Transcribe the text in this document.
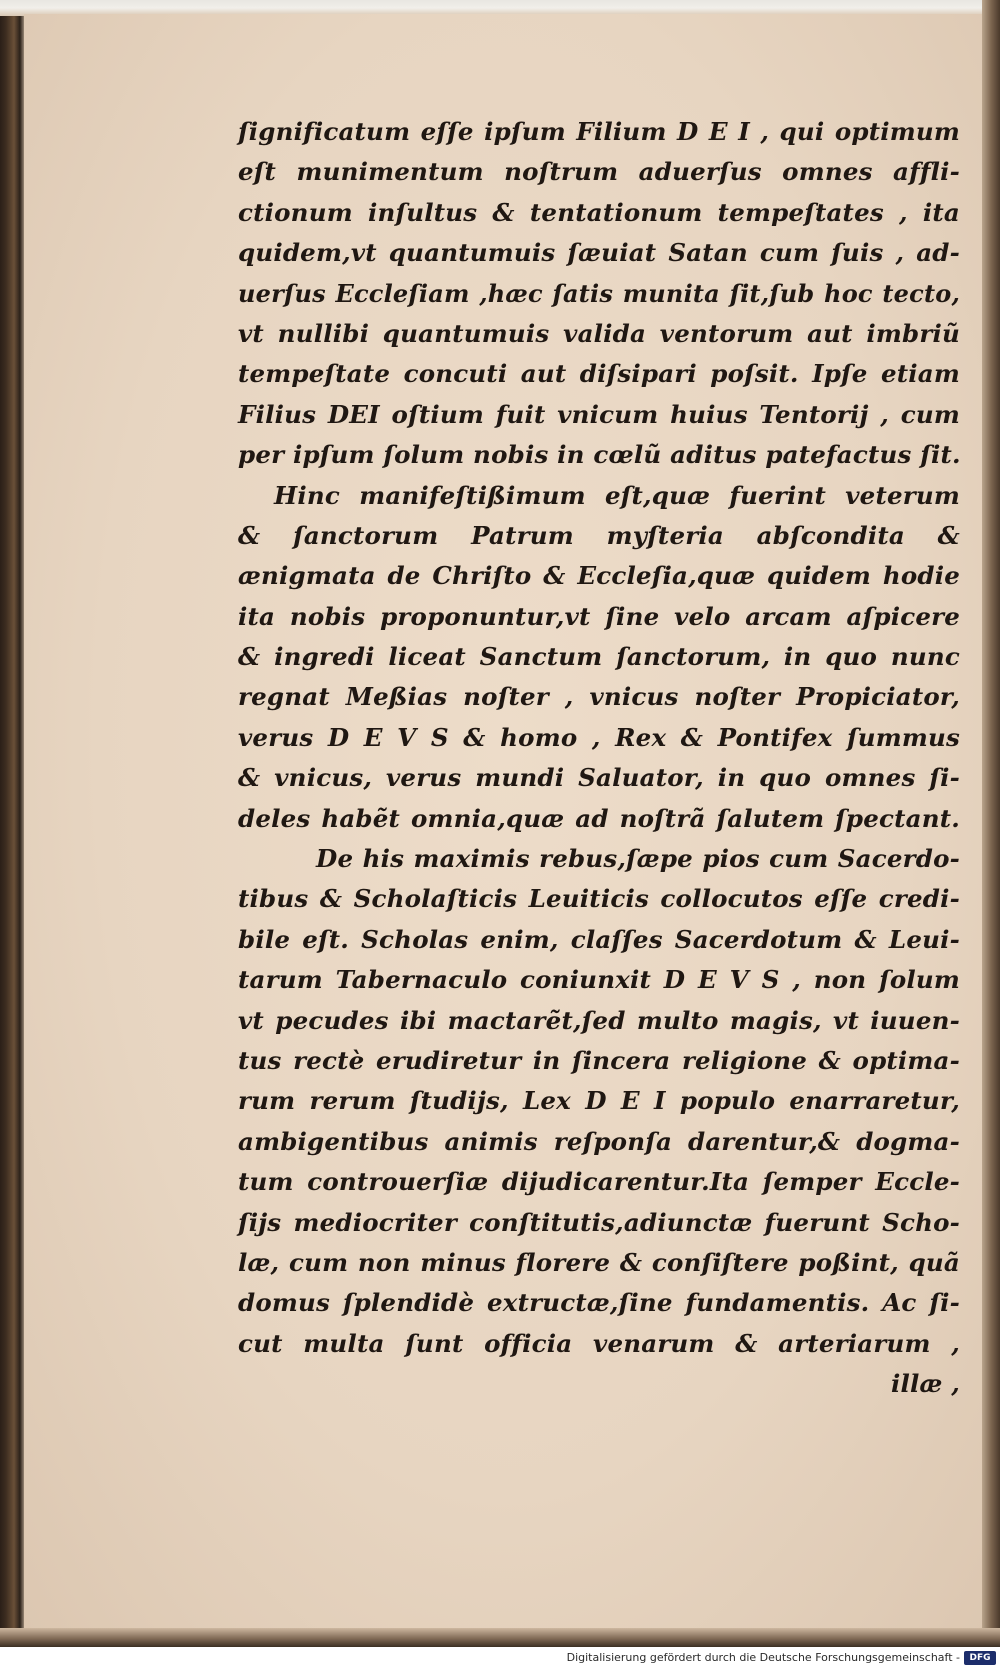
ſignificatum eſſe ipſum Filium D E I , qui optimum
eſt munimentum noſtrum aduerſus omnes affli-
ctionum inſultus & tentationum tempeſtates , ita
quidem,vt quantumuis ſæuiat Satan cum ſuis , ad-
uerſus Eccleſiam ,hæc ſatis munita ſit,ſub hoc tecto,
vt nullibi quantumuis valida ventorum aut imbriũ
tempeſtate concuti aut diſsipari poſsit. Ipſe etiam
Filius DEI oſtium fuit vnicum huius Tentorij , cum
per ipſum ſolum nobis in cœlũ aditus patefactus ſit.
Hinc manifeſtißimum eſt,quæ fuerint veterum
& ſanctorum Patrum myſteria abſcondita &
ænigmata de Chriſto & Eccleſia,quæ quidem hodie
ita nobis proponuntur,vt ſine velo arcam aſpicere
& ingredi liceat Sanctum ſanctorum, in quo nunc
regnat Meßias noſter , vnicus noſter Propiciator,
verus D E V S & homo , Rex & Pontifex ſummus
& vnicus, verus mundi Saluator, in quo omnes ſi-
deles habẽt omnia,quæ ad noſtrã ſalutem ſpectant.
De his maximis rebus,ſæpe pios cum Sacerdo-
tibus & Scholaſticis Leuiticis collocutos eſſe credi-
bile eſt. Scholas enim, claſſes Sacerdotum & Leui-
tarum Tabernaculo coniunxit D E V S , non ſolum
vt pecudes ibi mactarẽt,ſed multo magis, vt iuuen-
tus rectè erudiretur in ſincera religione & optima-
rum rerum ſtudijs, Lex D E I populo enarraretur,
ambigentibus animis reſponſa darentur,& dogma-
tum controuerſiæ dijudicarentur.Ita ſemper Eccle-
ſijs mediocriter conſtitutis,adiunctæ fuerunt Scho-
læ, cum non minus florere & conſiſtere poßint, quã
domus ſplendidè extructæ,ſine fundamentis. Ac ſi-
cut multa ſunt officia venarum & arteriarum ,
illæ ,
Digitalisierung gefördert durch die Deutsche Forschungsgemeinschaft -	DFG
